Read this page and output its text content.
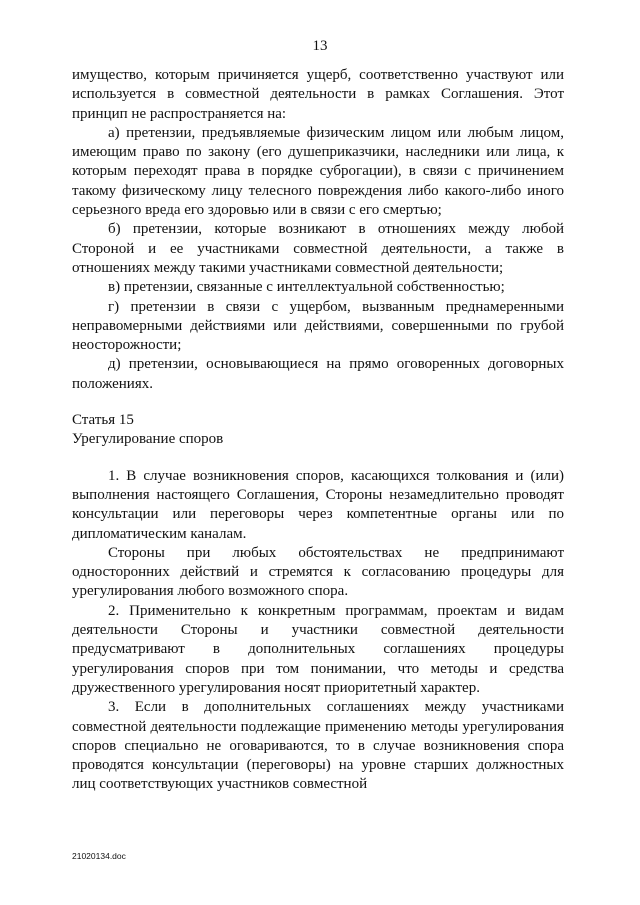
13

имущество, которым причиняется ущерб, соответственно участвуют или используется в совместной деятельности в рамках Соглашения. Этот принцип не распространяется на:

а) претензии, предъявляемые физическим лицом или любым лицом, имеющим право по закону (его душеприказчики, наследники или лица, к которым переходят права в порядке суброгации), в связи с причинением такому физическому лицу телесного повреждения либо какого-либо иного серьезного вреда его здоровью или в связи с его смертью;

б) претензии, которые возникают в отношениях между любой Стороной и ее участниками совместной деятельности, а также в отношениях между такими участниками совместной деятельности;

в) претензии, связанные с интеллектуальной собственностью;

г) претензии в связи с ущербом, вызванным преднамеренными неправомерными действиями или действиями, совершенными по грубой неосторожности;

д) претензии, основывающиеся на прямо оговоренных договорных положениях.

Статья 15

Урегулирование споров

1. В случае возникновения споров, касающихся толкования и (или) выполнения настоящего Соглашения, Стороны незамедлительно проводят консультации или переговоры через компетентные органы или по дипломатическим каналам.

Стороны при любых обстоятельствах не предпринимают односторонних действий и стремятся к согласованию процедуры для урегулирования любого возможного спора.

2. Применительно к конкретным программам, проектам и видам деятельности Стороны и участники совместной деятельности предусматривают в дополнительных соглашениях процедуры урегулирования споров при том понимании, что методы и средства дружественного урегулирования носят приоритетный характер.

3. Если в дополнительных соглашениях между участниками совместной деятельности подлежащие применению методы урегулирования споров специально не оговариваются, то в случае возникновения спора проводятся консультации (переговоры) на уровне старших должностных лиц соответствующих участников совместной

21020134.doc
